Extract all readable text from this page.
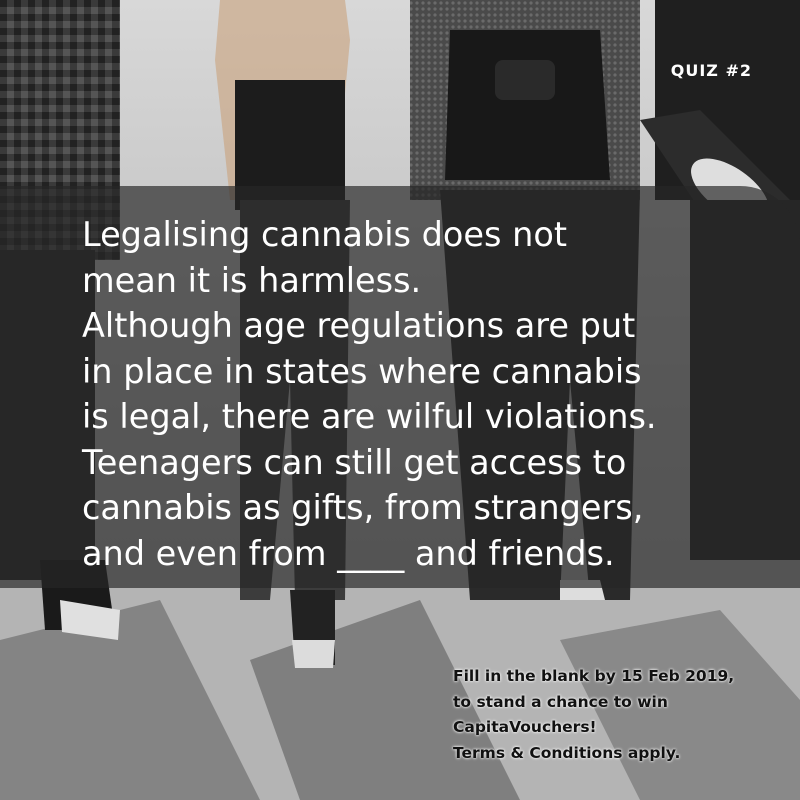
QUIZ #2

Legalising cannabis does not
mean it is harmless.
Although age regulations are put
in place in states where cannabis
is legal, there are wilful violations.
Teenagers can still get access to
cannabis as gifts, from strangers,
and even from ____ and friends.

Fill in the blank by 15 Feb 2019,
to stand a chance to win
CapitaVouchers!
Terms & Conditions apply.
